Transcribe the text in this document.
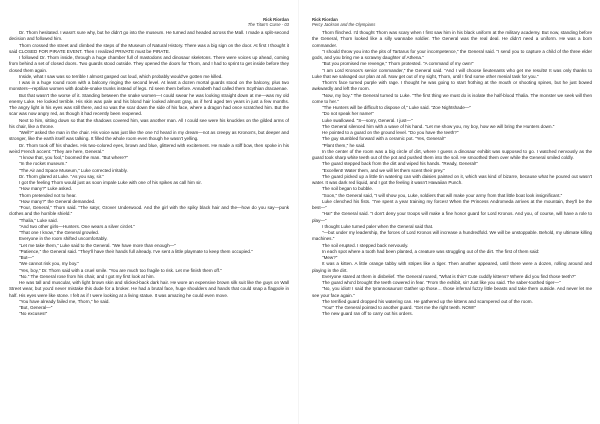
Rick Riordan
The Titan's Curse - 03

Dr. Thorn hesitated. I wasn't sure why, but he didn't go into the museum. He turned and headed across the Mall. I made a split-second decision and followed him.

Thorn crossed the street and climbed the steps of the Museum of Natural History. There was a big sign on the door. At first I thought it said CLOSED FOR PIRATE EVENT. Then I realized PRIVATE must be PIRATE.

I followed Dr. Thorn inside, through a huge chamber full of mastodons and dinosaur skeletons. There were voices up ahead, coming from behind a set of closed doors. Two guards stood outside. They opened the doors for Thorn, and I had to sprint to get inside before they closed them again.

Inside, what I saw was so terrible I almost gasped out loud, which probably would've gotten me killed.

I was in a huge round room with a balcony ringing the second level. At least a dozen mortal guards stood on the balcony, plus two monsters—reptilian women with double-snake trunks instead of legs. I'd seen them before. Annabeth had called them Scythian dracaenae.

But that wasn't the worse of it. Standing between the snake women—I could swear he was looking straight down at me—was my old enemy Luke. He looked terrible. His skin was pale and his blond hair looked almost gray, as if he'd aged ten years in just a few months. The angry light in his eyes was still there, and so was the scar down the side of his face, where a dragon had once scratched him. But the scar was now angry red, as though it had recently been reopened.

Next to him, sitting down so that the shadows covered him, was another man. All I could see were his knuckles on the gilded arms of his chair, like a throne.

"Well?" asked the man in the chair. His voice was just like the one I'd heard in my dream—not as creepy as Kronos's, but deeper and stronger, like the earth itself was talking. It filled the whole room even though he wasn't yelling.

Dr. Thorn took off his shades. His two-colored eyes, brown and blue, glittered with excitement. He made a stiff bow, then spoke in his weird French accent: "They are here, General."

"I know that, you fool," boomed the man. "But where?"

"In the rocket museum."

"The Air and Space Museum," Luke corrected irritably.

Dr. Thorn glared at Luke. "As you say, sir."

I got the feeling Thorn would just as soon impale Luke with one of his spikes as call him sir.

"How many?" Luke asked.

Thorn pretended not to hear.

"How many?" the General demanded.

"Four, General," Thorn said. "The satyr, Grover Underwood. And the girl with the spiky black hair and the—how do you say—punk clothes and the horrible shield."

"Thalia," Luke said.

"And two other girls—Hunters. One wears a silver circlet."

"That one I know," the General growled.

Everyone in the room shifted uncomfortably.

"Let me take them," Luke said to the General. "We have more than enough—"

"Patience," the General said. "They'll have their hands full already. I've sent a little playmate to keep them occupied."

"But—"

"We cannot risk you, my boy."

"Yes, boy," Dr. Thorn said with a cruel smile. "You are much too fragile to risk. Let me finish them off."

"No." The General rose from his chair, and I got my first look at him.

He was tall and muscular, with light brown skin and slicked-back dark hair. He wore an expensive brown silk suit like the guys on Wall Street wear, but you'd never mistake this dude for a broker. He had a brutal face, huge shoulders and hands that could snap a flagpole in half. His eyes were like stone. I felt as if I were looking at a living statue. It was amazing he could even move.

"You have already failed me, Thorn," he said.

"But, General—"

"No excuses!"

Rick Riordan
Percy Jackson and the Olympians

Thorn flinched. I'd thought Thorn was scary when I first saw him in his black uniform at the military academy. But now, standing before the General, Thorn looked like a silly wannabe soldier. The General was the real deal. He didn't need a uniform. He was a born commander.

"I should throw you into the pits of Tartarus for your incompetence," the General said. "I send you to capture a child of the three elder gods, and you bring me a scrawny daughter of Athena."

"But you promised me revenge," Thorn protested. "A command of my own!"

"I am Lord Kronos's senior commander," the General said. "And I will choose lieutenants who get me results! It was only thanks to Luke that we salvaged our plan at all. Now get out of my sight, Thorn, until I find some other menial task for you."

Thorn's face turned purple with rage. I thought he was going to start frothing at the mouth or shooting spines, but he just bowed awkwardly and left the room.

"Now, my boy." The General turned to Luke. "The first thing we must do is isolate the half-blood Thalia. The monster we seek will then come to her."

"The Hunters will be difficult to dispose of," Luke said. "Zoe Nightshade—"

"Do not speak her name!"

Luke swallowed. "S—sorry, General. I just—"

The General silenced him with a wave of his hand. "Let me show you, my boy, how we will bring the Hunters down."

He pointed to a guard on the ground level. "Do you have the teeth?"

The guy stumbled forward with a ceramic pot. "Yes, General!"

"Plant them," he said.

In the center of the room was a big circle of dirt, where I guess a dinosaur exhibit was supposed to go. I watched nervously as the guard took sharp white teeth out of the pot and pushed them into the soil. He smoothed them over while the General smiled coldly.

The guard stepped back from the dirt and wiped his hands. "Ready, General!"

"Excellent! Water them, and we will let them scent their prey."

The guard picked up a little tin watering can with daisies painted on it, which was kind of bizarre, because what he poured out wasn't water. It was dark red liquid, and I got the feeling it wasn't Hawaiian Punch.

The soil began to bubble.

"Soon," the General said, "I will show you, Luke, soldiers that will make your army from that little boat look insignificant."

Luke clenched his fists. "I've spent a year training my forces! When the Princess Andromeda arrives at the mountain, they'll be the best—"

"Ha!" the General said. "I don't deny your troops will make a fine honor guard for Lord Kronos. And you, of course, will have a role to play—"

I thought Luke turned paler when the General said that.

"—but under my leadership, the forces of Lord Kronos will increase a hundredfold. We will be unstoppable. Behold, my ultimate killing machines."

The soil erupted. I stepped back nervously.

In each spot where a tooth had been planted, a creature was struggling out of the dirt. The first of them said:

"Mew?"

It was a kitten. A little orange tabby with stripes like a tiger. Then another appeared, until there were a dozen, rolling around and playing in the dirt.

Everyone stared at them in disbelief. The General roared, "What is this? Cute cuddly kittens? Where did you find those teeth?"

The guard who'd brought the teeth cowered in fear. "From the exhibit, sir! Just like you said. The saber-toothed tiger—"

"No, you idiot! I said the tyrannosaurus! Gather up those… those infernal fuzzy little beasts and take them outside. And never let me see your face again."

The terrified guard dropped his watering can. He gathered up the kittens and scampered out of the room.

"You!" The General pointed to another guard. "Get me the right teeth. NOW!"

The new guard ran off to carry out his orders.
